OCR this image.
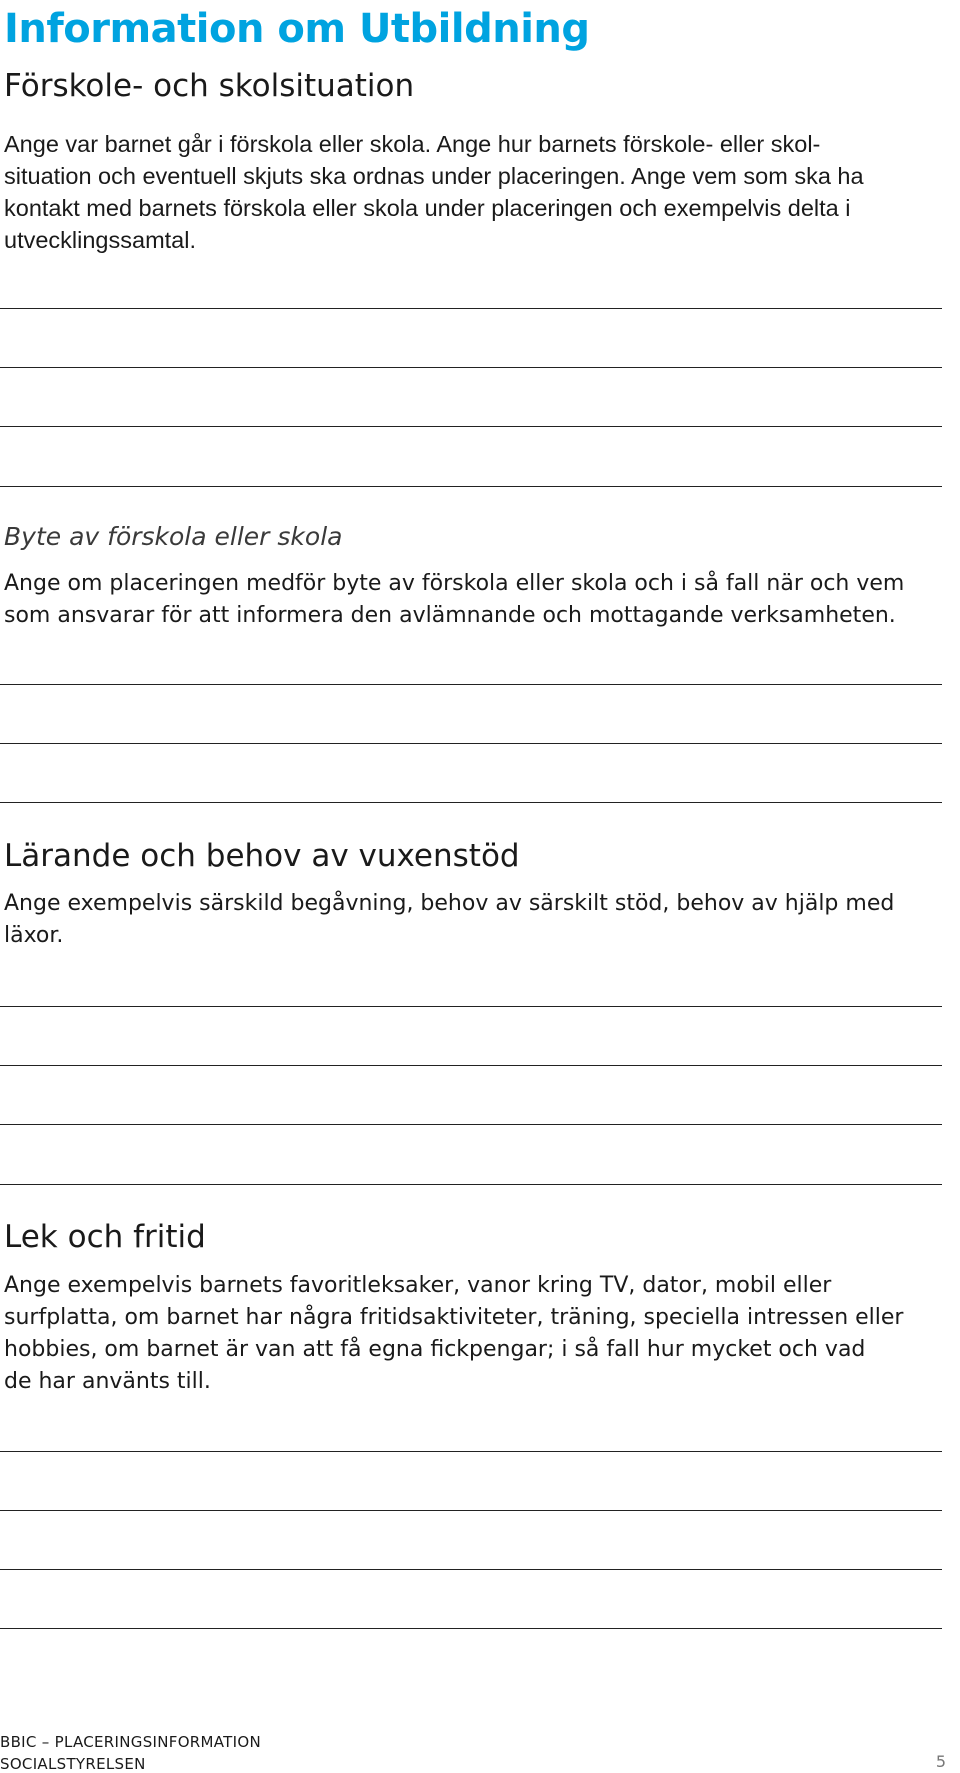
Information om Utbildning
Förskole- och skolsituation

Ange var barnet går i förskola eller skola. Ange hur barnets förskole- eller skol-

situation och eventuell skjuts ska ordnas under placeringen. Ange vem som ska ha

kontakt med barnets förskola eller skola under placeringen och exempelvis delta i

utvecklingssamtal.

Byte av förskola eller skola

Ange om placeringen medför byte av förskola eller skola och i så fall när och vem

som ansvarar för att informera den avlämnande och mottagande verksamheten.

Lärande och behov av vuxenstöd

Ange exempelvis särskild begåvning, behov av särskilt stöd, behov av hjälp med

läxor.

Lek och fritid

Ange exempelvis barnets favoritleksaker, vanor kring TV, dator, mobil eller

surfplatta, om barnet har några fritidsaktiviteter, träning, speciella intressen eller

hobbies, om barnet är van att få egna fickpengar; i så fall hur mycket och vad

de har använts till.

BBIC – PLACERINGSINFORMATION
SOCIALSTYRELSEN	5
